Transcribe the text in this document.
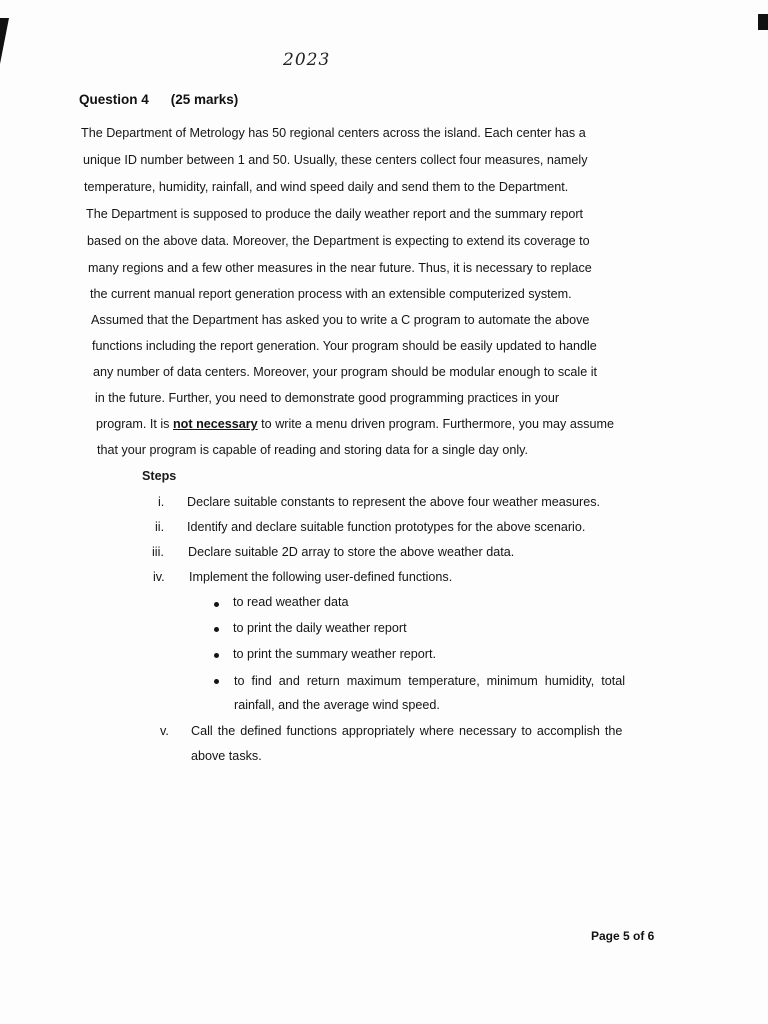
2023
Question 4 (25 marks)
The Department of Metrology has 50 regional centers across the island. Each center has a
unique ID number between 1 and 50. Usually, these centers collect four measures, namely
temperature, humidity, rainfall, and wind speed daily and send them to the Department.
The Department is supposed to produce the daily weather report and the summary report
based on the above data. Moreover, the Department is expecting to extend its coverage to
many regions and a few other measures in the near future. Thus, it is necessary to replace
the current manual report generation process with an extensible computerized system.
Assumed that the Department has asked you to write a C program to automate the above
functions including the report generation. Your program should be easily updated to handle
any number of data centers. Moreover, your program should be modular enough to scale it
in the future. Further, you need to demonstrate good programming practices in your
program. It is not necessary to write a menu driven program. Furthermore, you may assume
that your program is capable of reading and storing data for a single day only.
Steps
i. Declare suitable constants to represent the above four weather measures.
ii. Identify and declare suitable function prototypes for the above scenario.
iii. Declare suitable 2D array to store the above weather data.
iv. Implement the following user-defined functions.
to read weather data
to print the daily weather report
to print the summary weather report.
to find and return maximum temperature, minimum humidity, total
rainfall, and the average wind speed.
v. Call the defined functions appropriately where necessary to accomplish the
above tasks.
Page 5 of 6
